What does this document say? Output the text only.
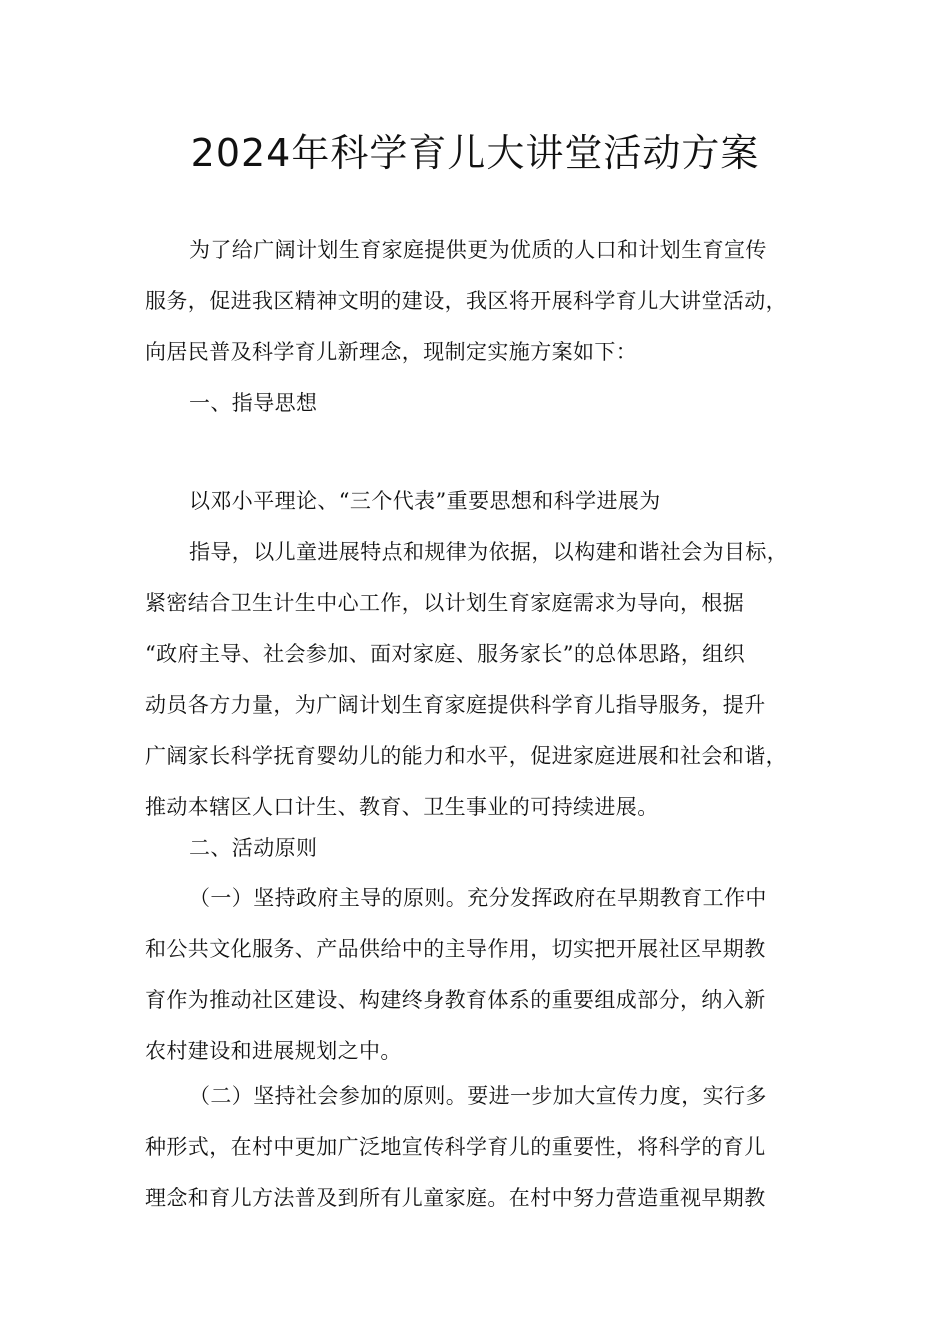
2024年科学育儿大讲堂活动方案
为了给广阔计划生育家庭提供更为优质的人口和计划生育宣传
服务，促进我区精神文明的建设，我区将开展科学育儿大讲堂活动，
向居民普及科学育儿新理念，现制定实施方案如下：
一、指导思想
以邓小平理论、“三个代表”重要思想和科学进展为
指导，以儿童进展特点和规律为依据，以构建和谐社会为目标，
紧密结合卫生计生中心工作，以计划生育家庭需求为导向，根据
“政府主导、社会参加、面对家庭、服务家长”的总体思路，组织
动员各方力量，为广阔计划生育家庭提供科学育儿指导服务，提升
广阔家长科学抚育婴幼儿的能力和水平，促进家庭进展和社会和谐，
推动本辖区人口计生、教育、卫生事业的可持续进展。
二、活动原则
（一）坚持政府主导的原则。充分发挥政府在早期教育工作中
和公共文化服务、产品供给中的主导作用，切实把开展社区早期教
育作为推动社区建设、构建终身教育体系的重要组成部分，纳入新
农村建设和进展规划之中。
（二）坚持社会参加的原则。要进一步加大宣传力度，实行多
种形式，在村中更加广泛地宣传科学育儿的重要性，将科学的育儿
理念和育儿方法普及到所有儿童家庭。在村中努力营造重视早期教
